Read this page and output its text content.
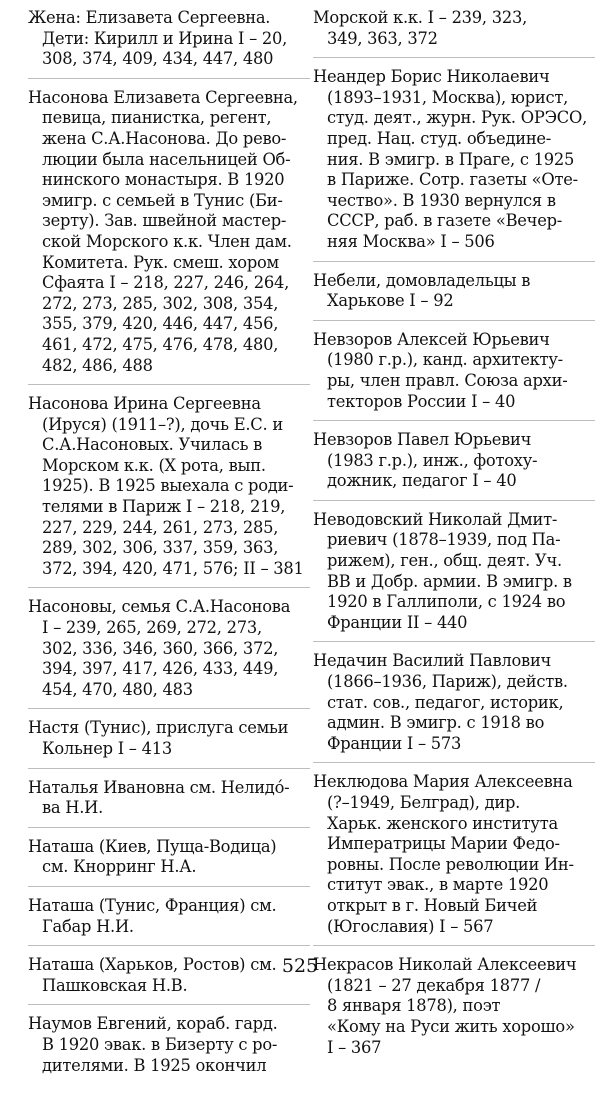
Жена: Елизавета Сергеевна.
Дети: Кирилл и Ирина I – 20,
308, 374, 409, 434, 447, 480
Насонова Елизавета Сергеевна,
певица, пианистка, регент,
жена С.А.Насонова. До рево-
люции была насельницей Об-
нинского монастыря. В 1920
эмигр. с семьей в Тунис (Би-
зерту). Зав. швейной мастер-
ской Морского к.к. Член дам.
Комитета. Рук. смеш. хором
Сфаята I – 218, 227, 246, 264,
272, 273, 285, 302, 308, 354,
355, 379, 420, 446, 447, 456,
461, 472, 475, 476, 478, 480,
482, 486, 488
Насонова Ирина Сергеевна
(Ируся) (1911–?), дочь Е.С. и
С.А.Насоновых. Училась в
Морском к.к. (X рота, вып.
1925). В 1925 выехала с роди-
телями в Париж I – 218, 219,
227, 229, 244, 261, 273, 285,
289, 302, 306, 337, 359, 363,
372, 394, 420, 471, 576; II – 381
Насоновы, семья С.А.Насонова
I – 239, 265, 269, 272, 273,
302, 336, 346, 360, 366, 372,
394, 397, 417, 426, 433, 449,
454, 470, 480, 483
Настя (Тунис), прислуга семьи
Кольнер I – 413
Наталья Ивановна см. Нелидо́-
ва Н.И.
Наташа (Киев, Пуща-Водица)
см. Кнорринг Н.А.
Наташа (Тунис, Франция) см.
Габар Н.И.
Наташа (Харьков, Ростов) см.
Пашковская Н.В.
Наумов Евгений, кораб. гард.
В 1920 эвак. в Бизерту с ро-
дителями. В 1925 окончил
Морской к.к. I – 239, 323,
349, 363, 372
Неандер Борис Николаевич
(1893–1931, Москва), юрист,
студ. деят., журн. Рук. ОРЭСО,
пред. Нац. студ. объедине-
ния. В эмигр. в Праге, с 1925
в Париже. Сотр. газеты «Оте-
чество». В 1930 вернулся в
СССР, раб. в газете «Вечер-
няя Москва» I – 506
Небели, домовладельцы в
Харькове I – 92
Невзоров Алексей Юрьевич
(1980 г.р.), канд. архитекту-
ры, член правл. Союза архи-
текторов России I – 40
Невзоров Павел Юрьевич
(1983 г.р.), инж., фотоху-
дожник, педагог I – 40
Неводовский Николай Дмит-
риевич (1878–1939, под Па-
рижем), ген., общ. деят. Уч.
ВВ и Добр. армии. В эмигр. в
1920 в Галлиполи, с 1924 во
Франции II – 440
Недачин Василий Павлович
(1866–1936, Париж), действ.
стат. сов., педагог, историк,
админ. В эмигр. с 1918 во
Франции I – 573
Неклюдова Мария Алексеевна
(?–1949, Белград), дир.
Харьк. женского института
Императрицы Марии Федо-
ровны. После революции Ин-
ститут эвак., в марте 1920
открыт в г. Новый Бичей
(Югославия) I – 567
Некрасов Николай Алексеевич
(1821 – 27 декабря 1877 /
8 января 1878), поэт
«Кому на Руси жить хорошо»
I – 367
525
